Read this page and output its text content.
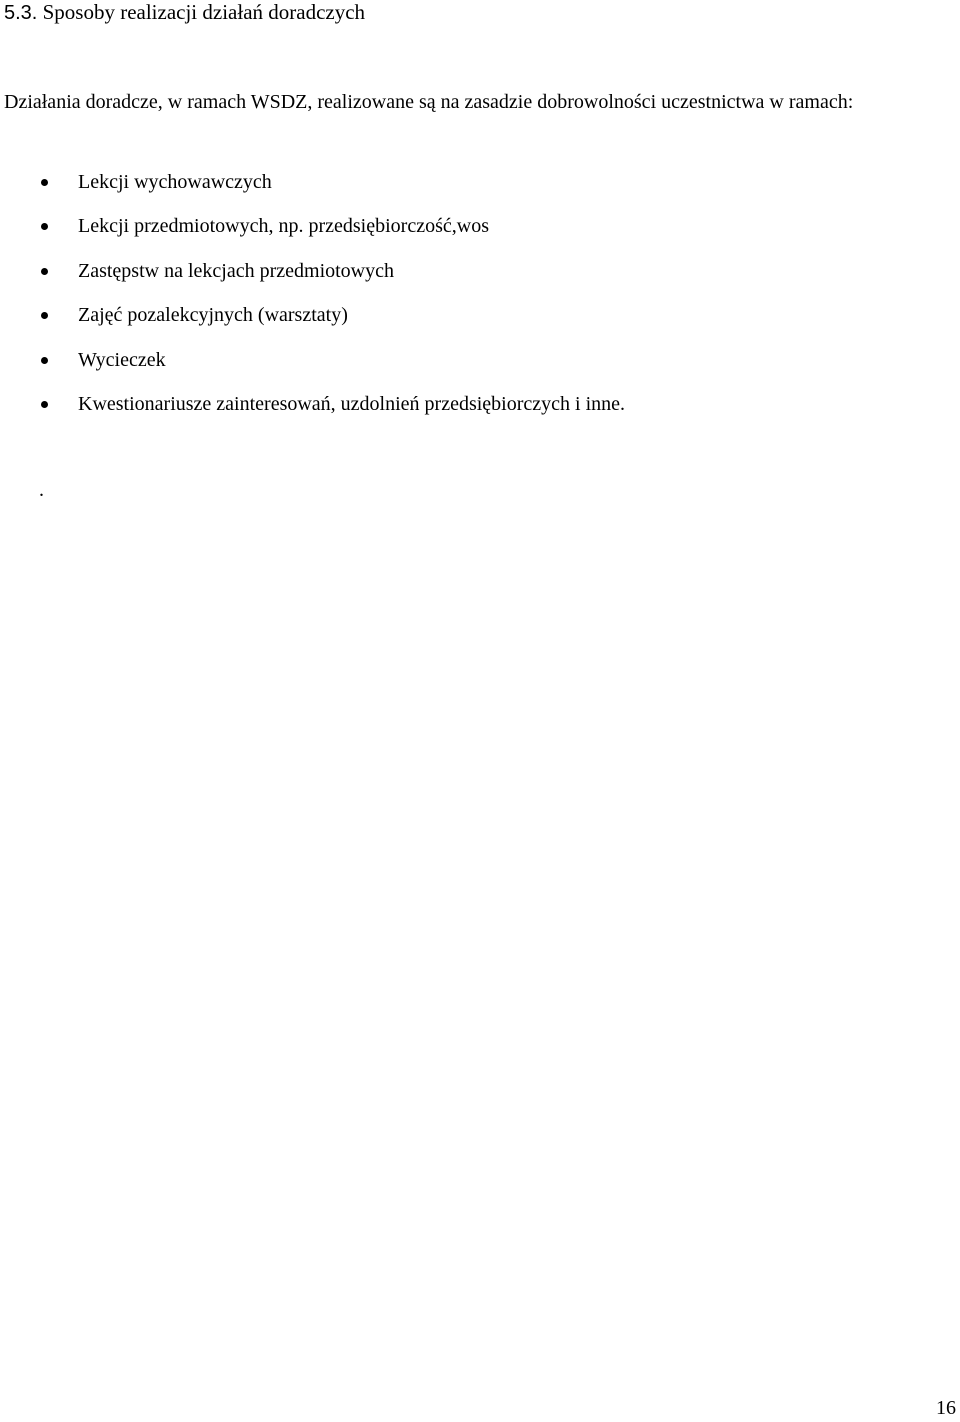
5.3. Sposoby realizacji działań doradczych

Działania doradcze, w ramach WSDZ, realizowane są na zasadzie dobrowolności uczestnictwa w ramach:

Lekcji wychowawczych
Lekcji przedmiotowych, np. przedsiębiorczość,wos
Zastępstw na lekcjach przedmiotowych
Zajęć pozalekcyjnych (warsztaty)
Wycieczek
Kwestionariusze zainteresowań, uzdolnień przedsiębiorczych i inne.
.
16
